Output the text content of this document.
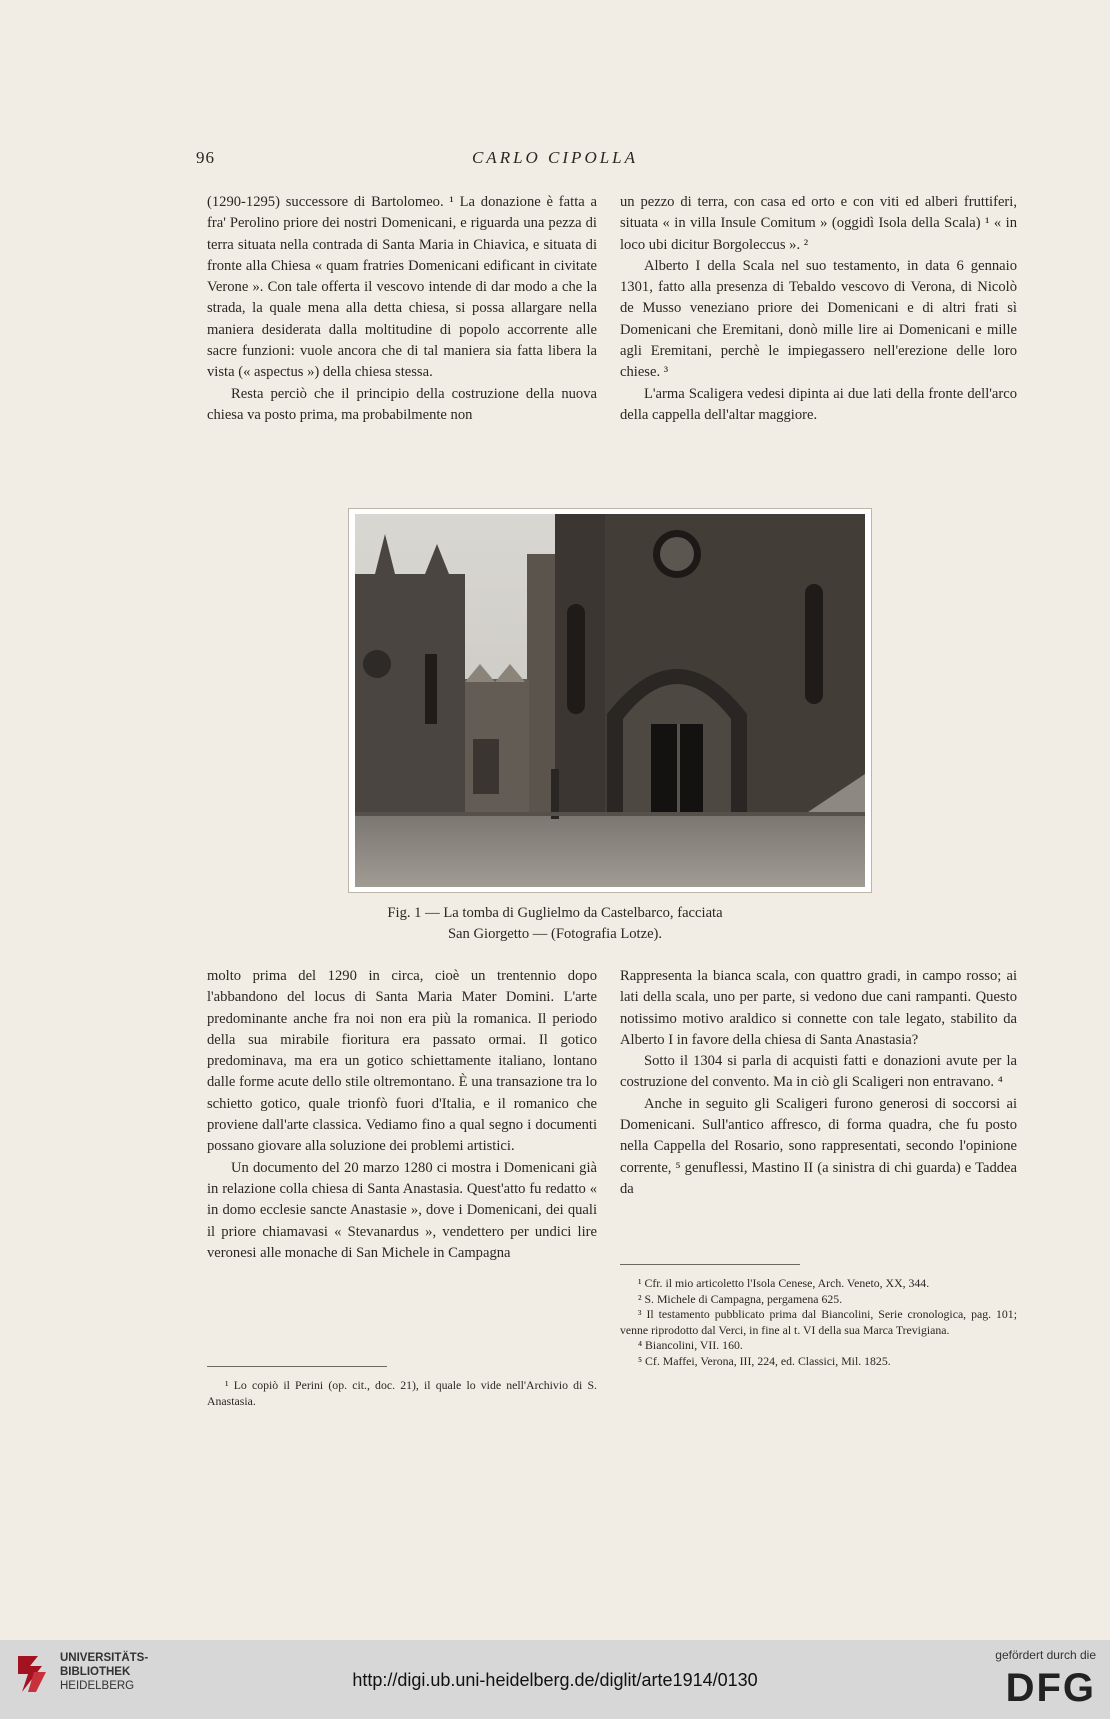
96	CARLO CIPOLLA

(1290-1295) successore di Bartolomeo. ¹ La donazione è fatta a fra' Perolino priore dei nostri Domenicani, e riguarda una pezza di terra situata nella contrada di Santa Maria in Chiavica, e situata di fronte alla Chiesa « quam fratries Domenicani edificant in civitate Verone ». Con tale offerta il vescovo intende di dar modo a che la strada, la quale mena alla detta chiesa, si possa allargare nella maniera desiderata dalla moltitudine di popolo accorrente alle sacre funzioni: vuole ancora che di tal maniera sia fatta libera la vista (« aspectus ») della chiesa stessa.

Resta perciò che il principio della costruzione della nuova chiesa va posto prima, ma probabilmente non

un pezzo di terra, con casa ed orto e con viti ed alberi fruttiferi, situata « in villa Insule Comitum » (oggidì Isola della Scala) ¹ « in loco ubi dicitur Borgoleccus ». ²

Alberto I della Scala nel suo testamento, in data 6 gennaio 1301, fatto alla presenza di Tebaldo vescovo di Verona, di Nicolò de Musso veneziano priore dei Domenicani e di altri frati sì Domenicani che Eremitani, donò mille lire ai Domenicani e mille agli Eremitani, perchè le impiegassero nell'erezione delle loro chiese. ³

L'arma Scaligera vedesi dipinta ai due lati della fronte dell'arco della cappella dell'altar maggiore.

Fig. 1 — La tomba di Guglielmo da Castelbarco, facciata
San Giorgetto — (Fotografia Lotze).

molto prima del 1290 in circa, cioè un trentennio dopo l'abbandono del locus di Santa Maria Mater Domini. L'arte predominante anche fra noi non era più la romanica. Il periodo della sua mirabile fioritura era passato ormai. Il gotico predominava, ma era un gotico schiettamente italiano, lontano dalle forme acute dello stile oltremontano. È una transazione tra lo schietto gotico, quale trionfò fuori d'Italia, e il romanico che proviene dall'arte classica. Vediamo fino a qual segno i documenti possano giovare alla soluzione dei problemi artistici.

Un documento del 20 marzo 1280 ci mostra i Domenicani già in relazione colla chiesa di Santa Anastasia. Quest'atto fu redatto « in domo ecclesie sancte Anastasie », dove i Domenicani, dei quali il priore chiamavasi « Stevanardus », vendettero per undici lire veronesi alle monache di San Michele in Campagna

Rappresenta la bianca scala, con quattro gradi, in campo rosso; ai lati della scala, uno per parte, si vedono due cani rampanti. Questo notissimo motivo araldico si connette con tale legato, stabilito da Alberto I in favore della chiesa di Santa Anastasia?

Sotto il 1304 si parla di acquisti fatti e donazioni avute per la costruzione del convento. Ma in ciò gli Scaligeri non entravano. ⁴

Anche in seguito gli Scaligeri furono generosi di soccorsi ai Domenicani. Sull'antico affresco, di forma quadra, che fu posto nella Cappella del Rosario, sono rappresentati, secondo l'opinione corrente, ⁵ genuflessi, Mastino II (a sinistra di chi guarda) e Taddea da

¹ Lo copiò il Perini (op. cit., doc. 21), il quale lo vide nell'Archivio di S. Anastasia.

¹ Cfr. il mio articoletto l'Isola Cenese, Arch. Veneto, XX, 344.

² S. Michele di Campagna, pergamena 625.

³ Il testamento pubblicato prima dal Biancolini, Serie cronologica, pag. 101; venne riprodotto dal Verci, in fine al t. VI della sua Marca Trevigiana.

⁴ Biancolini, VII. 160.

⁵ Cf. Maffei, Verona, III, 224, ed. Classici, Mil. 1825.

UNIVERSITÄTS-
BIBLIOTHEK
HEIDELBERG	http://digi.ub.uni-heidelberg.de/diglit/arte1914/0130
gefördert durch die
DFG
